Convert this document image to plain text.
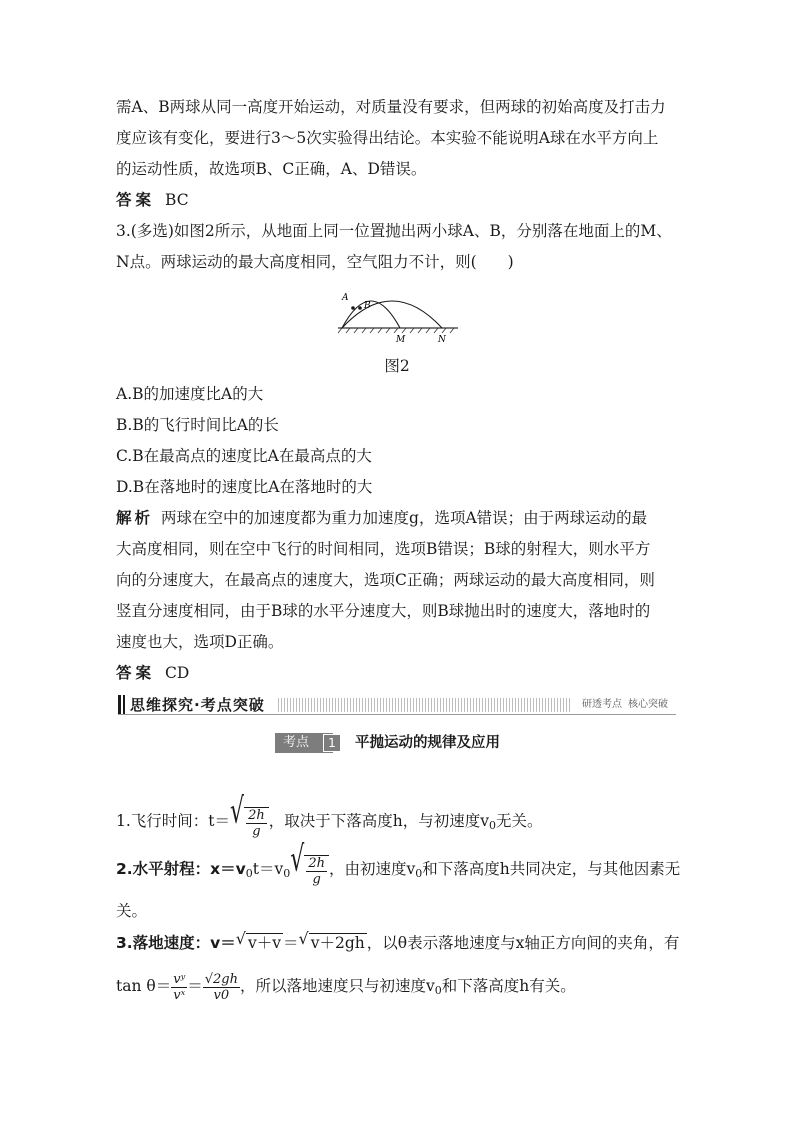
需A、B两球从同一高度开始运动，对质量没有要求，但两球的初始高度及打击力
度应该有变化，要进行3～5次实验得出结论。本实验不能说明A球在水平方向上
的运动性质，故选项B、C正确，A、D错误。
答案 BC
3.(多选)如图2所示，从地面上同一位置抛出两小球A、B，分别落在地面上的M、
N点。两球运动的最大高度相同，空气阻力不计，则(　　)
A
B
M	N
图2
A.B的加速度比A的大
B.B的飞行时间比A的长
C.B在最高点的速度比A在最高点的大
D.B在落地时的速度比A在落地时的大
解析 两球在空中的加速度都为重力加速度g，选项A错误；由于两球运动的最
大高度相同，则在空中飞行的时间相同，选项B错误；B球的射程大，则水平方
向的分速度大，在最高点的速度大，选项C正确；两球运动的最大高度相同，则
竖直分速度相同，由于B球的水平分速度大，则B球抛出时的速度大，落地时的
速度也大，选项D正确。
答案 CD
思维探究·考点突破	研透考点 核心突破
考点	1	平抛运动的规律及应用
1.飞行时间：$t=√ \frac{2h}{g}$ ，取决于下落高度h，与初速度$v_0$无关。
2.水平射程：$x=v_0t=v_0√ \frac{2h}{g}$ ，由初速度$v_0$和下落高度h共同决定，与其他因素无
关。
3.落地速度：v＝√ v＋v ＝√ v＋2gh ，以θ表示落地速度与x轴正方向间的夹角，有
$\tan \theta= \frac{\text{vʸ}}{\text{vˣ}} = \frac{√2gh}{v0}$ ，所以落地速度只与初速度$v_0$和下落高度h有关。
